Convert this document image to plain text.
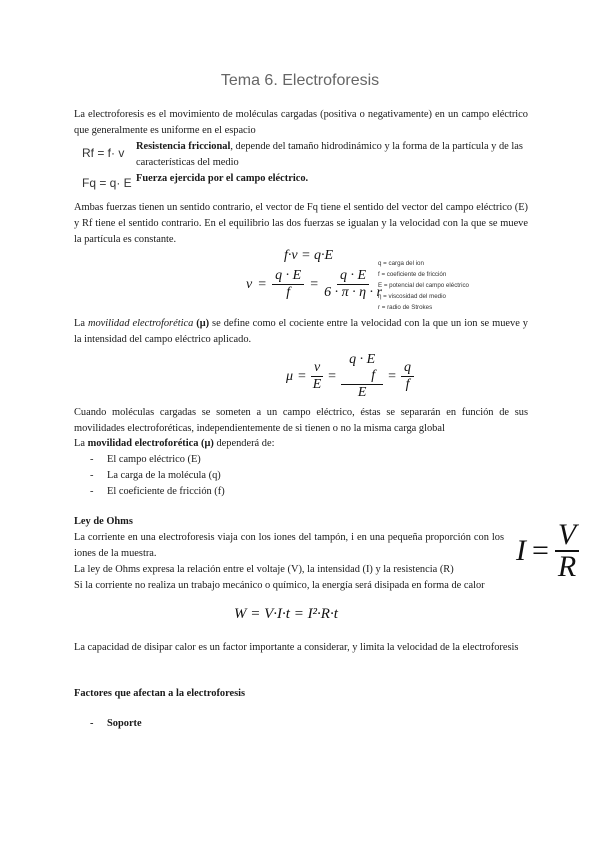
Tema 6. Electroforesis
La electroforesis es el movimiento de moléculas cargadas (positiva o negativamente) en un campo eléctrico que generalmente es uniforme en el espacio
Rf = f· v Resistencia friccional, depende del tamaño hidrodinámico y la forma de la partícula y de las características del medio
Fq = q· E Fuerza ejercida por el campo eléctrico.
Ambas fuerzas tienen un sentido contrario, el vector de Fq tiene el sentido del vector del campo eléctrico (E) y Rf tiene el sentido contrario. En el equilibrio las dos fuerzas se igualan y la velocidad con la que se mueve la partícula es constante.
f·v = q·E
$v = \frac{q \cdot E}{f} = \frac{q \cdot E}{6 \cdot \pi \cdot \eta \cdot r}$
q = carga del ion
f = coeficiente de fricción
E = potencial del campo eléctrico
η = viscosidad del medio
r = radio de Strokes
La movilidad electroforética (μ) se define como el cociente entre la velocidad con la que un ion se mueve y la intensidad del campo eléctrico aplicado.
$\mu = \frac{v}{E} = q \cdot E$
f
$E = \frac{q}{f}$
Cuando moléculas cargadas se someten a un campo eléctrico, éstas se separarán en función de sus movilidades electroforéticas, independientemente de si tienen o no la misma carga global
La movilidad electroforética (μ) dependerá de:
- El campo eléctrico (E)
- La carga de la molécula (q)
- El coeficiente de fricción (f)
Ley de Ohms
La corriente en una electroforesis viaja con los iones del tampón, i en una pequeña proporción con los iones de la muestra.
La ley de Ohms expresa la relación entre el voltaje (V), la intensidad (I) y la resistencia (R)
Si la corriente no realiza un trabajo mecánico o químico, la energía será disipada en forma de calor
$I = \frac{V}{R}$
W = V·I·t = I²·R·t
La capacidad de disipar calor es un factor importante a considerar, y limita la velocidad de la electroforesis
Factores que afectan a la electroforesis
- Soporte
